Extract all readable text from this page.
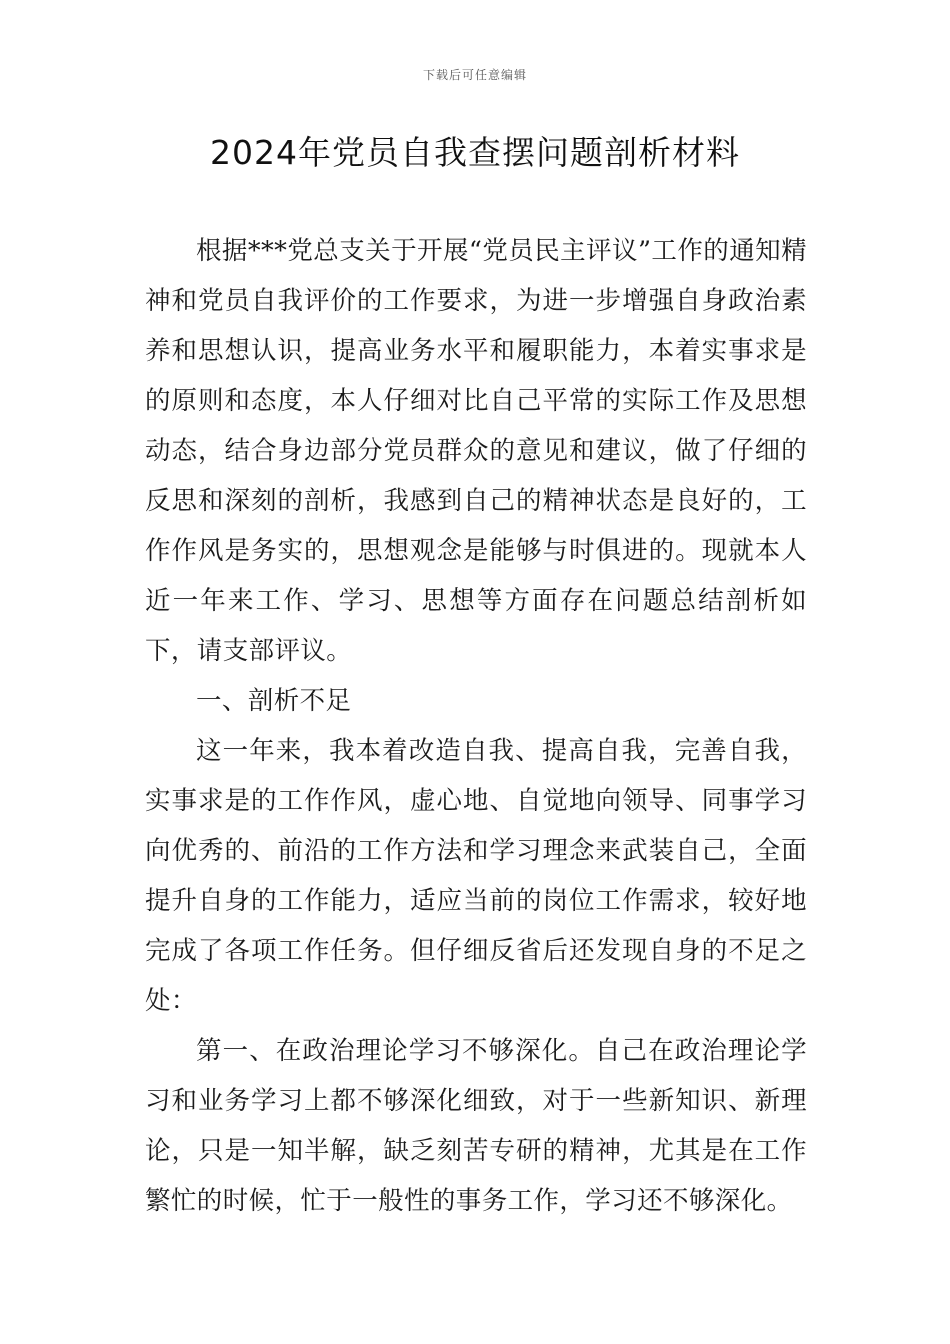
下载后可任意编辑
2024年党员自我查摆问题剖析材料

根据***党总支关于开展“党员民主评议”工作的通知精神和党员自我评价的工作要求，为进一步增强自身政治素养和思想认识，提高业务水平和履职能力，本着实事求是的原则和态度，本人仔细对比自己平常的实际工作及思想动态，结合身边部分党员群众的意见和建议，做了仔细的反思和深刻的剖析，我感到自己的精神状态是良好的，工作作风是务实的，思想观念是能够与时俱进的。现就本人近一年来工作、学习、思想等方面存在问题总结剖析如下，请支部评议。

一、剖析不足

这一年来，我本着改造自我、提高自我，完善自我，实事求是的工作作风，虚心地、自觉地向领导、同事学习向优秀的、前沿的工作方法和学习理念来武装自己，全面提升自身的工作能力，适应当前的岗位工作需求，较好地完成了各项工作任务。但仔细反省后还发现自身的不足之处：

第一、在政治理论学习不够深化。自己在政治理论学习和业务学习上都不够深化细致，对于一些新知识、新理论，只是一知半解，缺乏刻苦专研的精神，尤其是在工作繁忙的时候，忙于一般性的事务工作，学习还不够深化。
